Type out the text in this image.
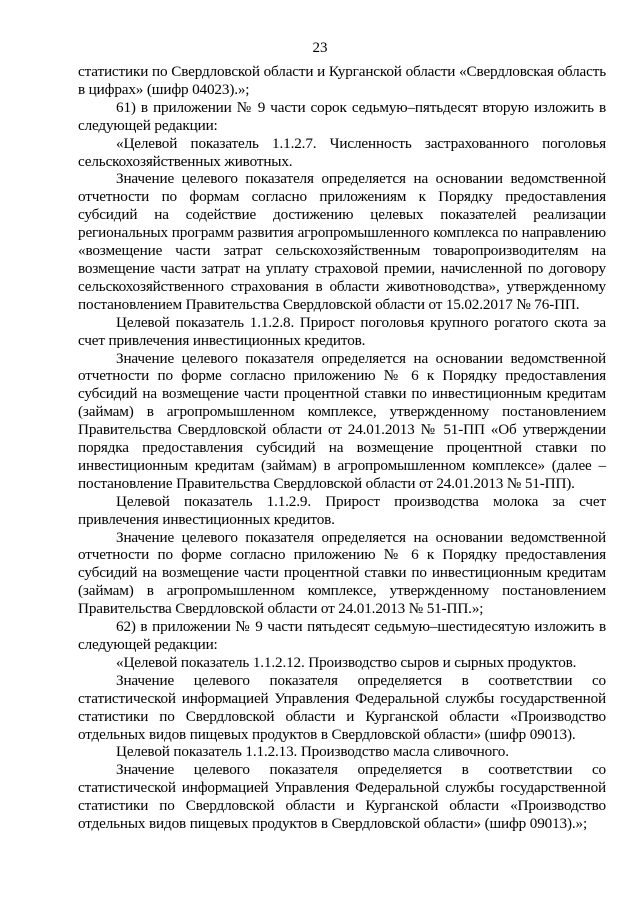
23

статистики по Свердловской области и Курганской области «Свердловская область в цифрах» (шифр 04023).»;

61) в приложении № 9 части сорок седьмую–пятьдесят вторую изложить в следующей редакции:

«Целевой показатель 1.1.2.7. Численность застрахованного поголовья сельскохозяйственных животных.

Значение целевого показателя определяется на основании ведомственной отчетности по формам согласно приложениям к Порядку предоставления субсидий на содействие достижению целевых показателей реализации региональных программ развития агропромышленного комплекса по направлению «возмещение части затрат сельскохозяйственным товаропроизводителям на возмещение части затрат на уплату страховой премии, начисленной по договору сельскохозяйственного страхования в области животноводства», утвержденному постановлением Правительства Свердловской области от 15.02.2017 № 76-ПП.

Целевой показатель 1.1.2.8. Прирост поголовья крупного рогатого скота за счет привлечения инвестиционных кредитов.

Значение целевого показателя определяется на основании ведомственной отчетности по форме согласно приложению № 6 к Порядку предоставления субсидий на возмещение части процентной ставки по инвестиционным кредитам (займам) в агропромышленном комплексе, утвержденному постановлением Правительства Свердловской области от 24.01.2013 № 51-ПП «Об утверждении порядка предоставления субсидий на возмещение процентной ставки по инвестиционным кредитам (займам) в агропромышленном комплексе» (далее – постановление Правительства Свердловской области от 24.01.2013 № 51-ПП).

Целевой показатель 1.1.2.9. Прирост производства молока за счет привлечения инвестиционных кредитов.

Значение целевого показателя определяется на основании ведомственной отчетности по форме согласно приложению № 6 к Порядку предоставления субсидий на возмещение части процентной ставки по инвестиционным кредитам (займам) в агропромышленном комплексе, утвержденному постановлением Правительства Свердловской области от 24.01.2013 № 51-ПП.»;

62) в приложении № 9 части пятьдесят седьмую–шестидесятую изложить в следующей редакции:

«Целевой показатель 1.1.2.12. Производство сыров и сырных продуктов.

Значение целевого показателя определяется в соответствии со статистической информацией Управления Федеральной службы государственной статистики по Свердловской области и Курганской области «Производство отдельных видов пищевых продуктов в Свердловской области» (шифр 09013).

Целевой показатель 1.1.2.13. Производство масла сливочного.

Значение целевого показателя определяется в соответствии со статистической информацией Управления Федеральной службы государственной статистики по Свердловской области и Курганской области «Производство отдельных видов пищевых продуктов в Свердловской области» (шифр 09013).»;
